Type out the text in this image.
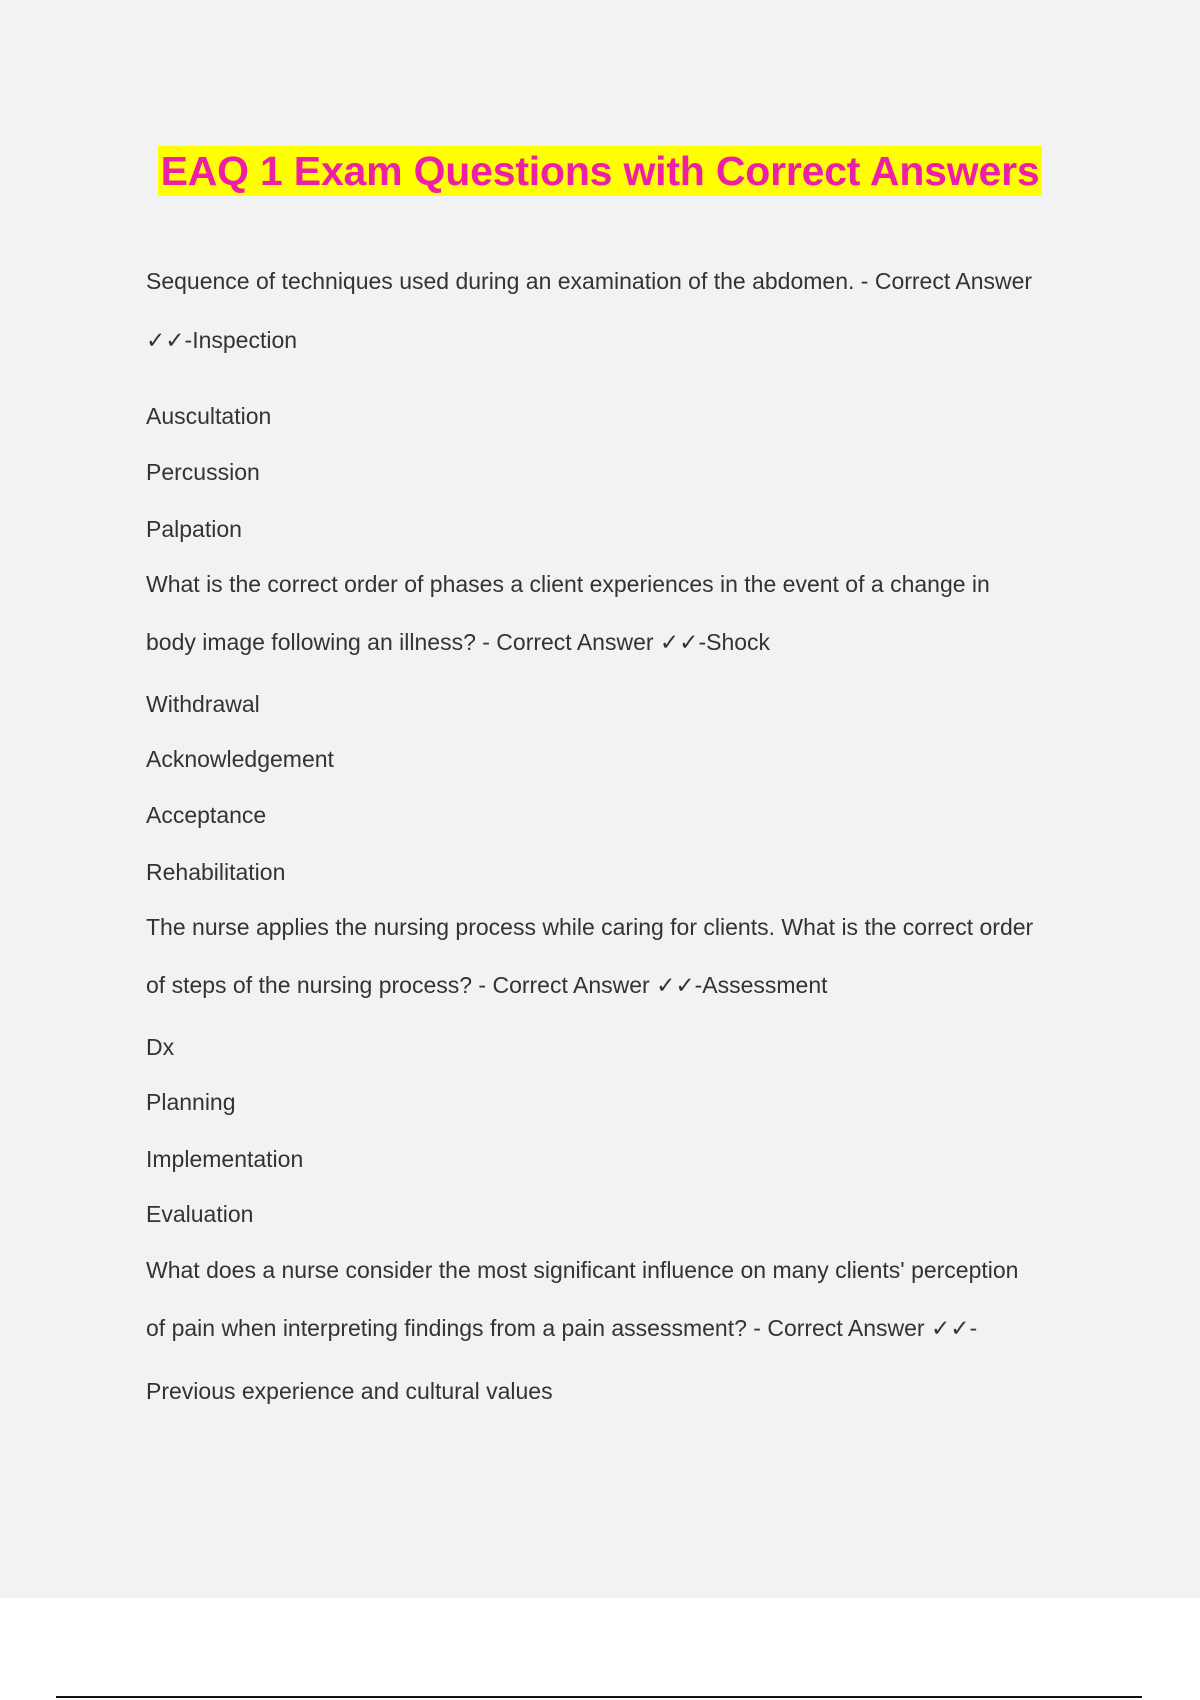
EAQ 1 Exam Questions with Correct Answers

Sequence of techniques used during an examination of the abdomen. - Correct Answer

✓✓-Inspection

Auscultation

Percussion

Palpation

What is the correct order of phases a client experiences in the event of a change in

body image following an illness? - Correct Answer ✓✓-Shock

Withdrawal

Acknowledgement

Acceptance

Rehabilitation

The nurse applies the nursing process while caring for clients. What is the correct order

of steps of the nursing process? - Correct Answer ✓✓-Assessment

Dx

Planning

Implementation

Evaluation

What does a nurse consider the most significant influence on many clients' perception

of pain when interpreting findings from a pain assessment? - Correct Answer ✓✓-

Previous experience and cultural values
